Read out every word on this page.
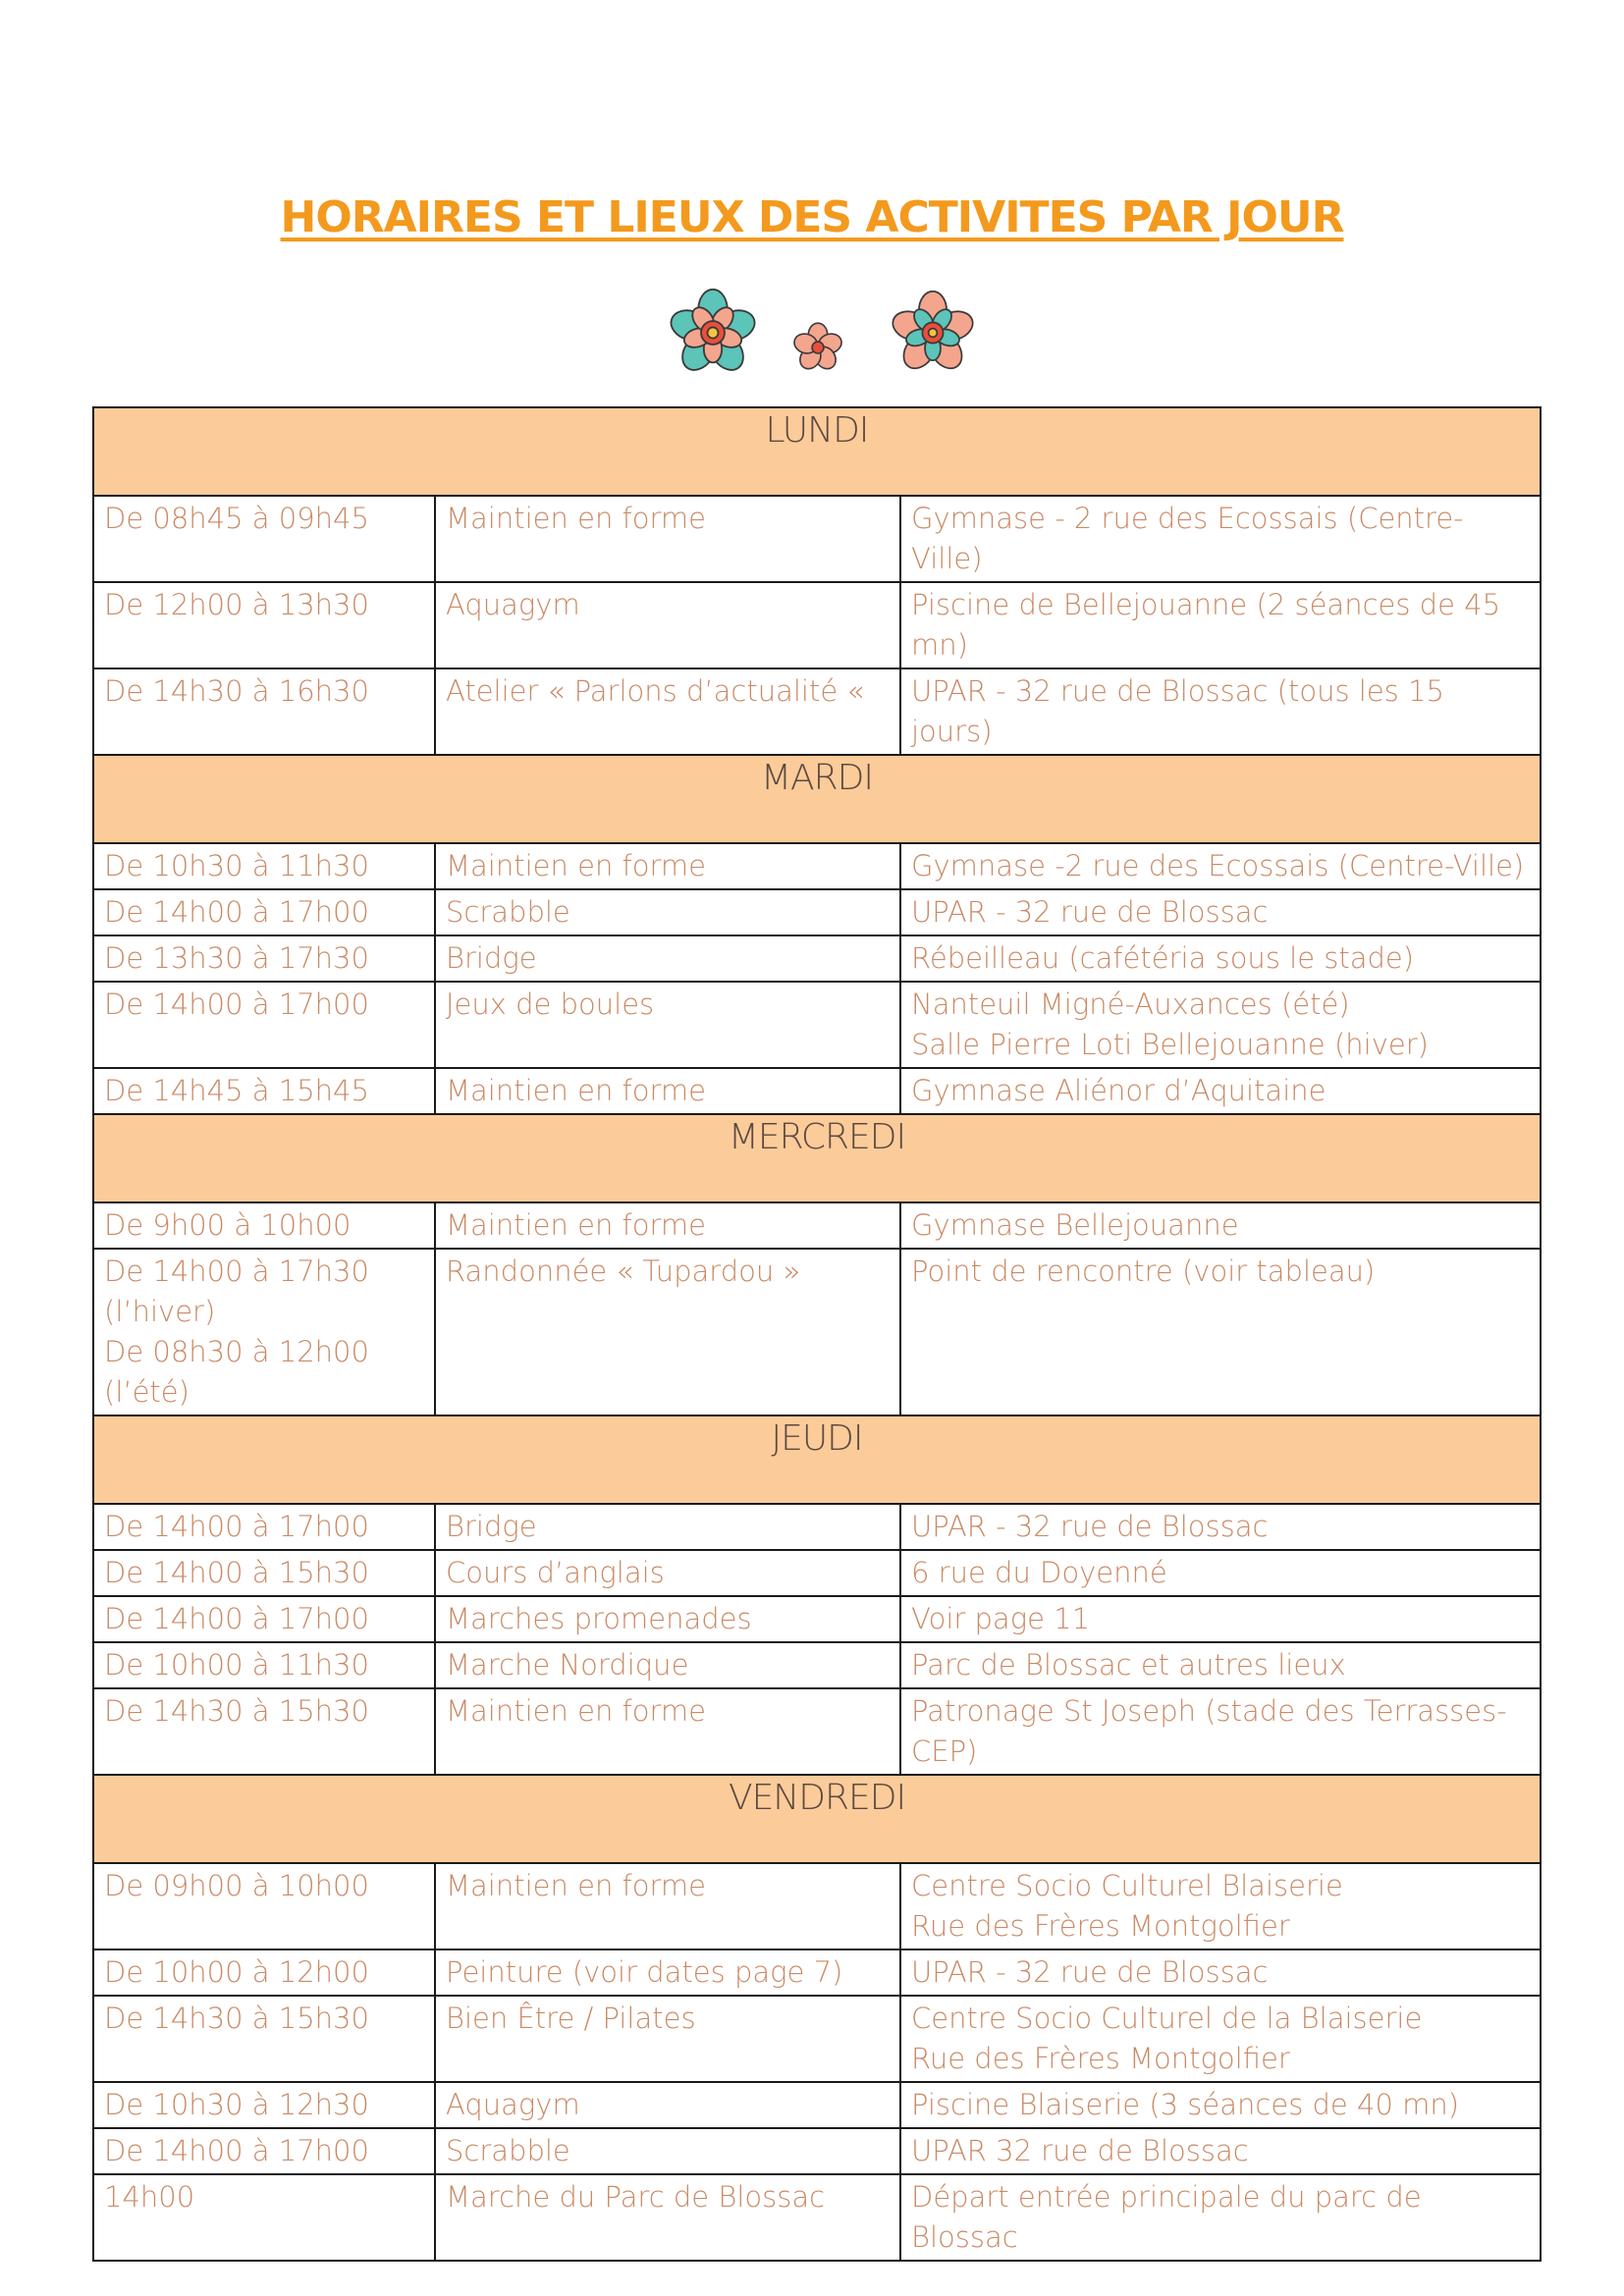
HORAIRES ET LIEUX DES ACTIVITES PAR JOUR
LUNDI		

De 08h45 à 09h45	Maintien en forme	Gymnase - 2 rue des Ecossais (Centre-Ville)

De 12h00 à 13h30	Aquagym	Piscine de Bellejouanne (2 séances de 45 mn)

De 14h30 à 16h30	Atelier « Parlons d’actualité «	UPAR - 32 rue de Blossac (tous les 15 jours)

MARDI		

De 10h30 à 11h30	Maintien en forme	Gymnase -2 rue des Ecossais (Centre-Ville)

De 14h00 à 17h00	Scrabble	UPAR - 32 rue de Blossac

De 13h30 à 17h30	Bridge	Rébeilleau (cafétéria sous le stade)

De 14h00 à 17h00	Jeux de boules	Nanteuil Migné-Auxances (été)
Salle Pierre Loti Bellejouanne (hiver)

De 14h45 à 15h45	Maintien en forme	Gymnase Aliénor d’Aquitaine

MERCREDI		

De 9h00 à 10h00	Maintien en forme	Gymnase Bellejouanne

De 14h00 à 17h30 (l’hiver)
De 08h30 à 12h00 (l’été)	Randonnée « Tupardou »	Point de rencontre (voir tableau)

JEUDI		

De 14h00 à 17h00	Bridge	UPAR - 32 rue de Blossac

De 14h00 à 15h30	Cours d’anglais	6 rue du Doyenné

De 14h00 à 17h00	Marches promenades	Voir page 11

De 10h00 à 11h30	Marche Nordique	Parc de Blossac et autres lieux

De 14h30 à 15h30	Maintien en forme	Patronage St Joseph (stade des Terrasses-CEP)

VENDREDI		

De 09h00 à 10h00	Maintien en forme	Centre Socio Culturel Blaiserie
Rue des Frères Montgolfier

De 10h00 à 12h00	Peinture (voir dates page 7)	UPAR - 32 rue de Blossac

De 14h30 à 15h30	Bien Être / Pilates	Centre Socio Culturel de la Blaiserie
Rue des Frères Montgolfier

De 10h30 à 12h30	Aquagym	Piscine Blaiserie (3 séances de 40 mn)

De 14h00 à 17h00	Scrabble	UPAR 32 rue de Blossac

14h00	Marche du Parc de Blossac	Départ entrée principale du parc de Blossac
